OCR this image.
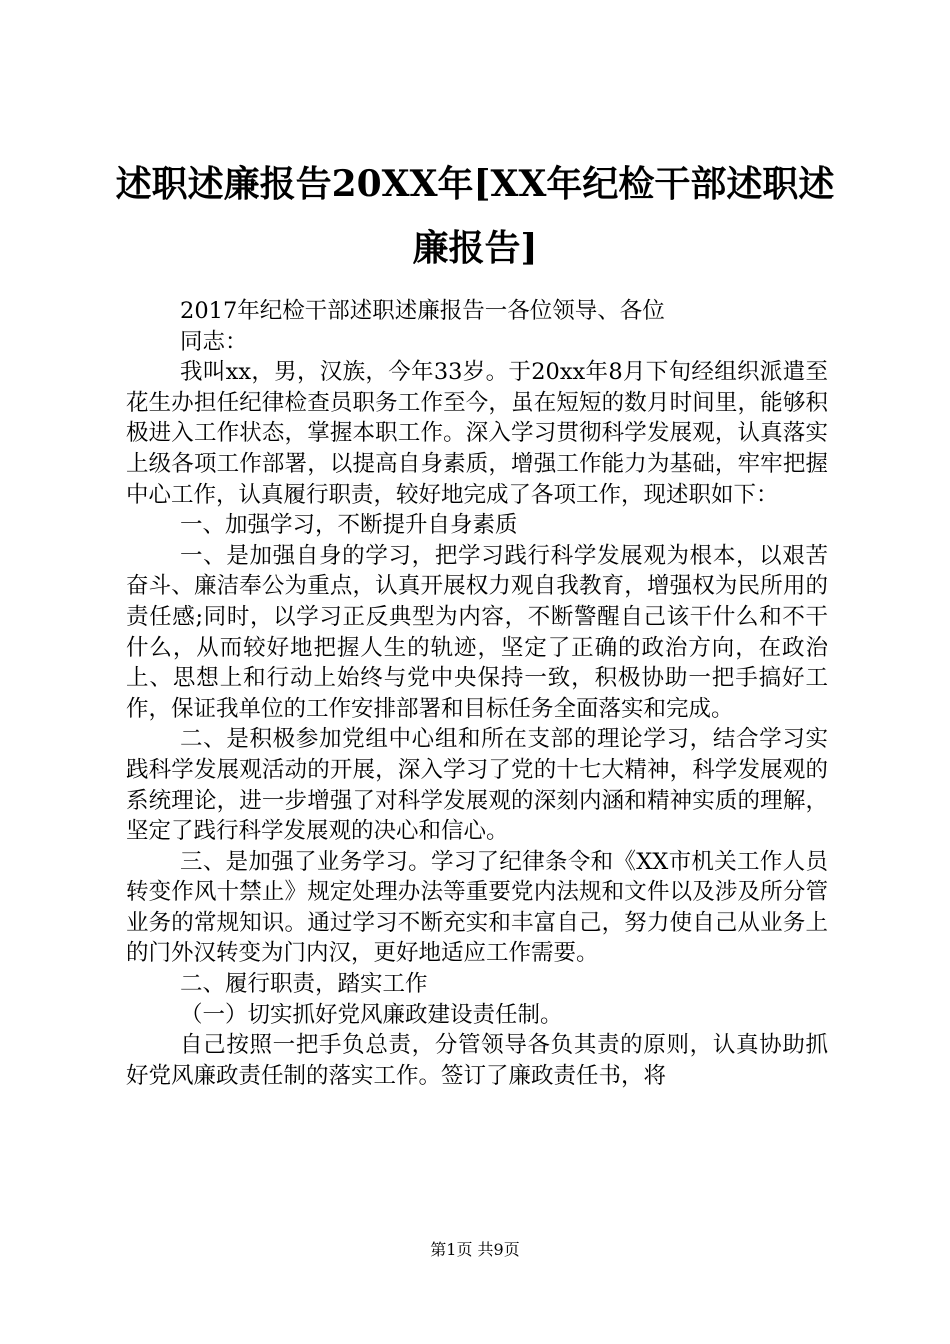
述职述廉报告20XX年[XX年纪检干部述职述廉报告]

2017年纪检干部述职述廉报告一各位领导、各位

同志：

我叫xx，男，汉族，今年33岁。于20xx年8月下旬经组织派遣至花生办担任纪律检查员职务工作至今，虽在短短的数月时间里，能够积极进入工作状态，掌握本职工作。深入学习贯彻科学发展观，认真落实上级各项工作部署，以提高自身素质，增强工作能力为基础，牢牢把握中心工作，认真履行职责，较好地完成了各项工作，现述职如下：

一、加强学习，不断提升自身素质

一、是加强自身的学习，把学习践行科学发展观为根本，以艰苦奋斗、廉洁奉公为重点，认真开展权力观自我教育，增强权为民所用的责任感;同时，以学习正反典型为内容，不断警醒自己该干什么和不干什么，从而较好地把握人生的轨迹，坚定了正确的政治方向，在政治上、思想上和行动上始终与党中央保持一致，积极协助一把手搞好工作，保证我单位的工作安排部署和目标任务全面落实和完成。

二、是积极参加党组中心组和所在支部的理论学习，结合学习实践科学发展观活动的开展，深入学习了党的十七大精神，科学发展观的系统理论，进一步增强了对科学发展观的深刻内涵和精神实质的理解，坚定了践行科学发展观的决心和信心。

三、是加强了业务学习。学习了纪律条令和《XX市机关工作人员转变作风十禁止》规定处理办法等重要党内法规和文件以及涉及所分管业务的常规知识。通过学习不断充实和丰富自己，努力使自己从业务上的门外汉转变为门内汉，更好地适应工作需要。

二、履行职责，踏实工作

（一）切实抓好党风廉政建设责任制。

自己按照一把手负总责，分管领导各负其责的原则，认真协助抓好党风廉政责任制的落实工作。签订了廉政责任书，将

第1页 共9页
